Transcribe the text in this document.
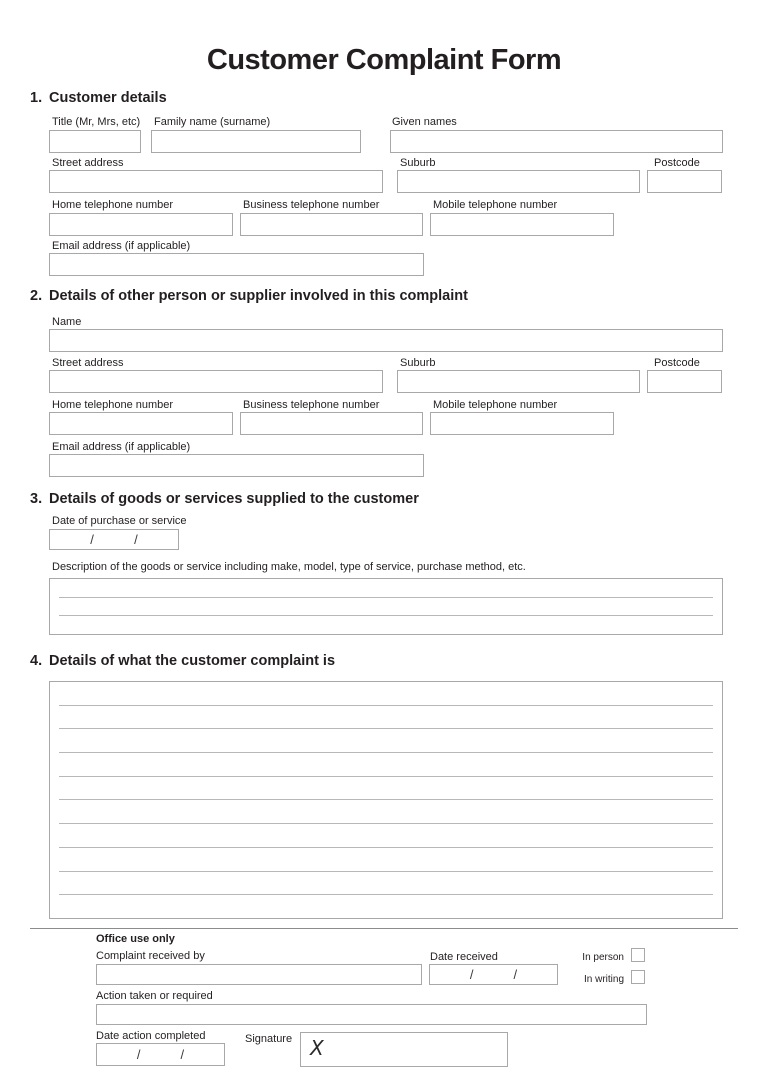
Customer Complaint Form
1. Customer details
Title (Mr, Mrs, etc) Family name (surname)	Given names
Street address	Suburb	Postcode
Home telephone number	Business telephone number	Mobile telephone number
Email address (if applicable)
2. Details of other person or supplier involved in this complaint
Name
Street address	Suburb	Postcode
Home telephone number	Business telephone number	Mobile telephone number
Email address (if applicable)
3. Details of goods or services supplied to the customer
Date of purchase or service
/	/
Description of the goods or service including make, model, type of service, purchase method, etc.
4. Details of what the customer complaint is
Office use only
Complaint received by	Date received
/	/
In person
In writing
Action taken or required
Date action completed
/	/
Signature X
